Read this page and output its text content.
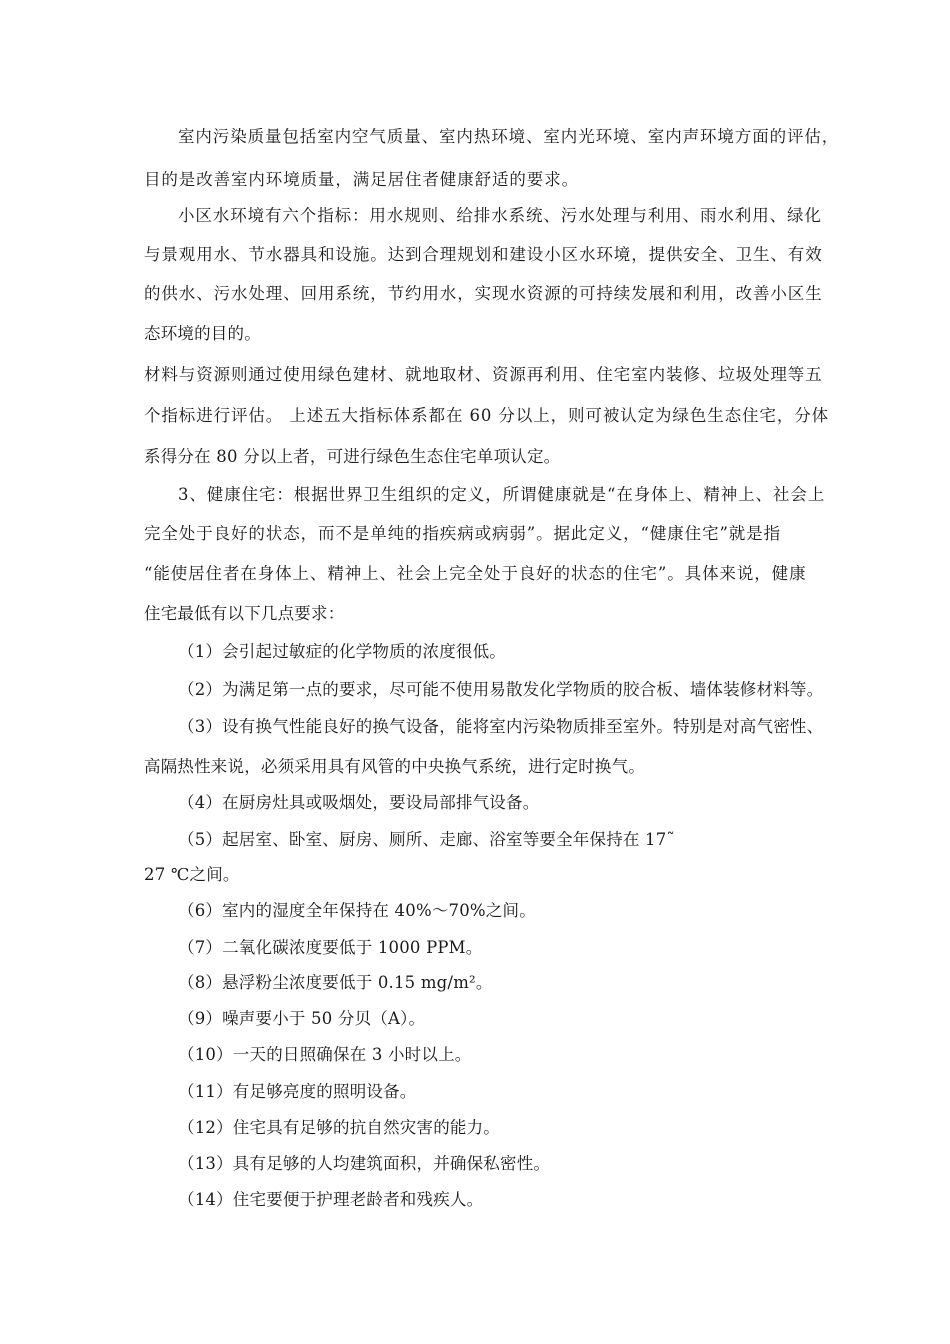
室内污染质量包括室内空气质量、室内热环境、室内光环境、室内声环境方面的评估，
目的是改善室内环境质量，满足居住者健康舒适的要求。
小区水环境有六个指标：用水规则、给排水系统、污水处理与利用、雨水利用、绿化
与景观用水、节水器具和设施。达到合理规划和建设小区水环境，提供安全、卫生、有效
的供水、污水处理、回用系统，节约用水，实现水资源的可持续发展和利用，改善小区生
态环境的目的。
材料与资源则通过使用绿色建材、就地取材、资源再利用、住宅室内装修、垃圾处理等五
个指标进行评估。 上述五大指标体系都在 60 分以上，则可被认定为绿色生态住宅，分体
系得分在 80 分以上者，可进行绿色生态住宅单项认定。
3、健康住宅：根据世界卫生组织的定义，所谓健康就是“在身体上、精神上、社会上
完全处于良好的状态，而不是单纯的指疾病或病弱”。据此定义，“健康住宅”就是指
“能使居住者在身体上、精神上、社会上完全处于良好的状态的住宅”。具体来说，健康
住宅最低有以下几点要求：
（1）会引起过敏症的化学物质的浓度很低。
（2）为满足第一点的要求，尽可能不使用易散发化学物质的胶合板、墙体装修材料等。
（3）设有换气性能良好的换气设备，能将室内污染物质排至室外。特别是对高气密性、
高隔热性来说，必须采用具有风管的中央换气系统，进行定时换气。
（4）在厨房灶具或吸烟处，要设局部排气设备。
（5）起居室、卧室、厨房、厕所、走廊、浴室等要全年保持在 17˜
27 ℃之间。
（6）室内的湿度全年保持在 40%～70%之间。
（7）二氧化碳浓度要低于 1000 PPM。
（8）悬浮粉尘浓度要低于 0.15 mg/m²。
（9）噪声要小于 50 分贝（A）。
（10）一天的日照确保在 3 小时以上。
（11）有足够亮度的照明设备。
（12）住宅具有足够的抗自然灾害的能力。
（13）具有足够的人均建筑面积，并确保私密性。
（14）住宅要便于护理老龄者和残疾人。
